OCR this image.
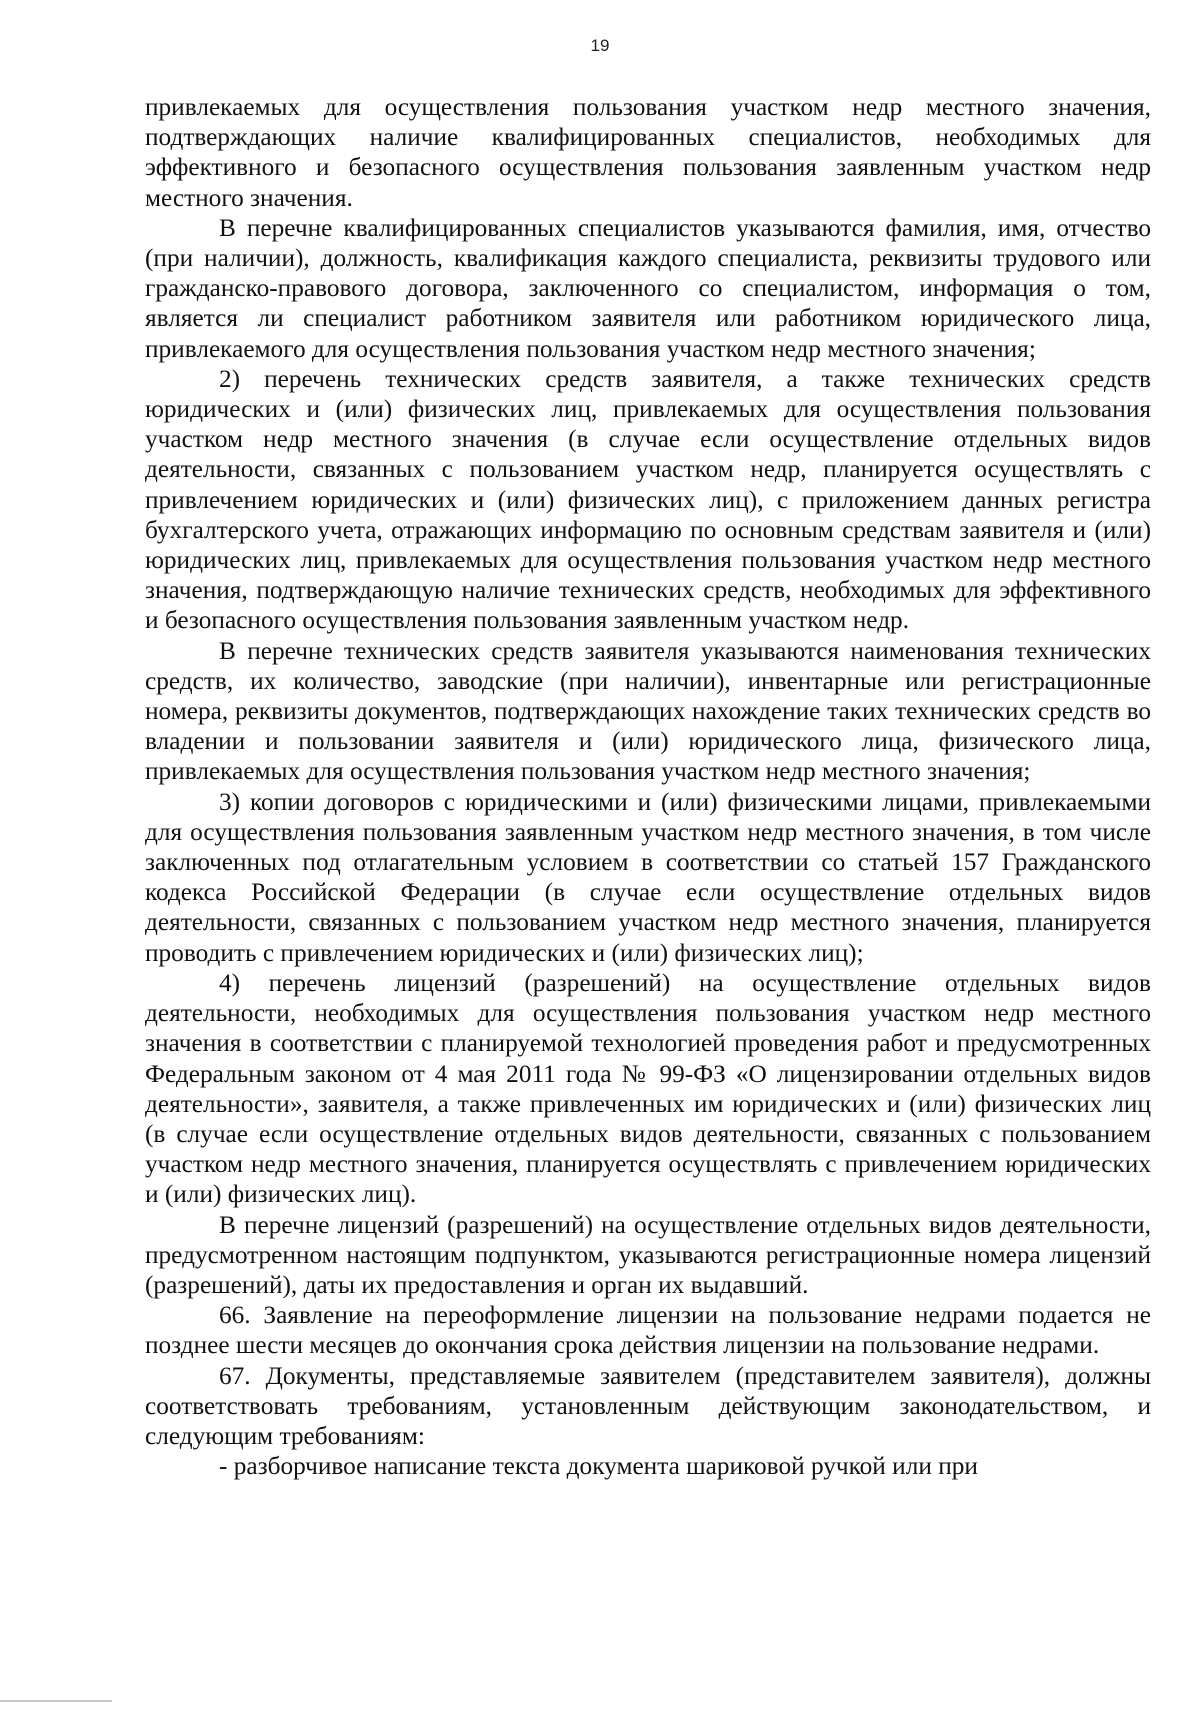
19

привлекаемых для осуществления пользования участком недр местного значения, подтверждающих наличие квалифицированных специалистов, необходимых для эффективного и безопасного осуществления пользования заявленным участком недр местного значения.

В перечне квалифицированных специалистов указываются фамилия, имя, отчество (при наличии), должность, квалификация каждого специалиста, реквизиты трудового или гражданско-правового договора, заключенного со специалистом, информация о том, является ли специалист работником заявителя или работником юридического лица, привлекаемого для осуществления пользования участком недр местного значения;

2) перечень технических средств заявителя, а также технических средств юридических и (или) физических лиц, привлекаемых для осуществления пользования участком недр местного значения (в случае если осуществление отдельных видов деятельности, связанных с пользованием участком недр, планируется осуществлять с привлечением юридических и (или) физических лиц), с приложением данных регистра бухгалтерского учета, отражающих информацию по основным средствам заявителя и (или) юридических лиц, привлекаемых для осуществления пользования участком недр местного значения, подтверждающую наличие технических средств, необходимых для эффективного и безопасного осуществления пользования заявленным участком недр.

В перечне технических средств заявителя указываются наименования технических средств, их количество, заводские (при наличии), инвентарные или регистрационные номера, реквизиты документов, подтверждающих нахождение таких технических средств во владении и пользовании заявителя и (или) юридического лица, физического лица, привлекаемых для осуществления пользования участком недр местного значения;

3) копии договоров с юридическими и (или) физическими лицами, привлекаемыми для осуществления пользования заявленным участком недр местного значения, в том числе заключенных под отлагательным условием в соответствии со статьей 157 Гражданского кодекса Российской Федерации (в случае если осуществление отдельных видов деятельности, связанных с пользованием участком недр местного значения, планируется проводить с привлечением юридических и (или) физических лиц);

4) перечень лицензий (разрешений) на осуществление отдельных видов деятельности, необходимых для осуществления пользования участком недр местного значения в соответствии с планируемой технологией проведения работ и предусмотренных Федеральным законом от 4 мая 2011 года № 99-ФЗ «О лицензировании отдельных видов деятельности», заявителя, а также привлеченных им юридических и (или) физических лиц (в случае если осуществление отдельных видов деятельности, связанных с пользованием участком недр местного значения, планируется осуществлять с привлечением юридических и (или) физических лиц).

В перечне лицензий (разрешений) на осуществление отдельных видов деятельности, предусмотренном настоящим подпунктом, указываются регистрационные номера лицензий (разрешений), даты их предоставления и орган их выдавший.

66. Заявление на переоформление лицензии на пользование недрами подается не позднее шести месяцев до окончания срока действия лицензии на пользование недрами.

67. Документы, представляемые заявителем (представителем заявителя), должны соответствовать требованиям, установленным действующим законодательством, и следующим требованиям:

- разборчивое написание текста документа шариковой ручкой или при
